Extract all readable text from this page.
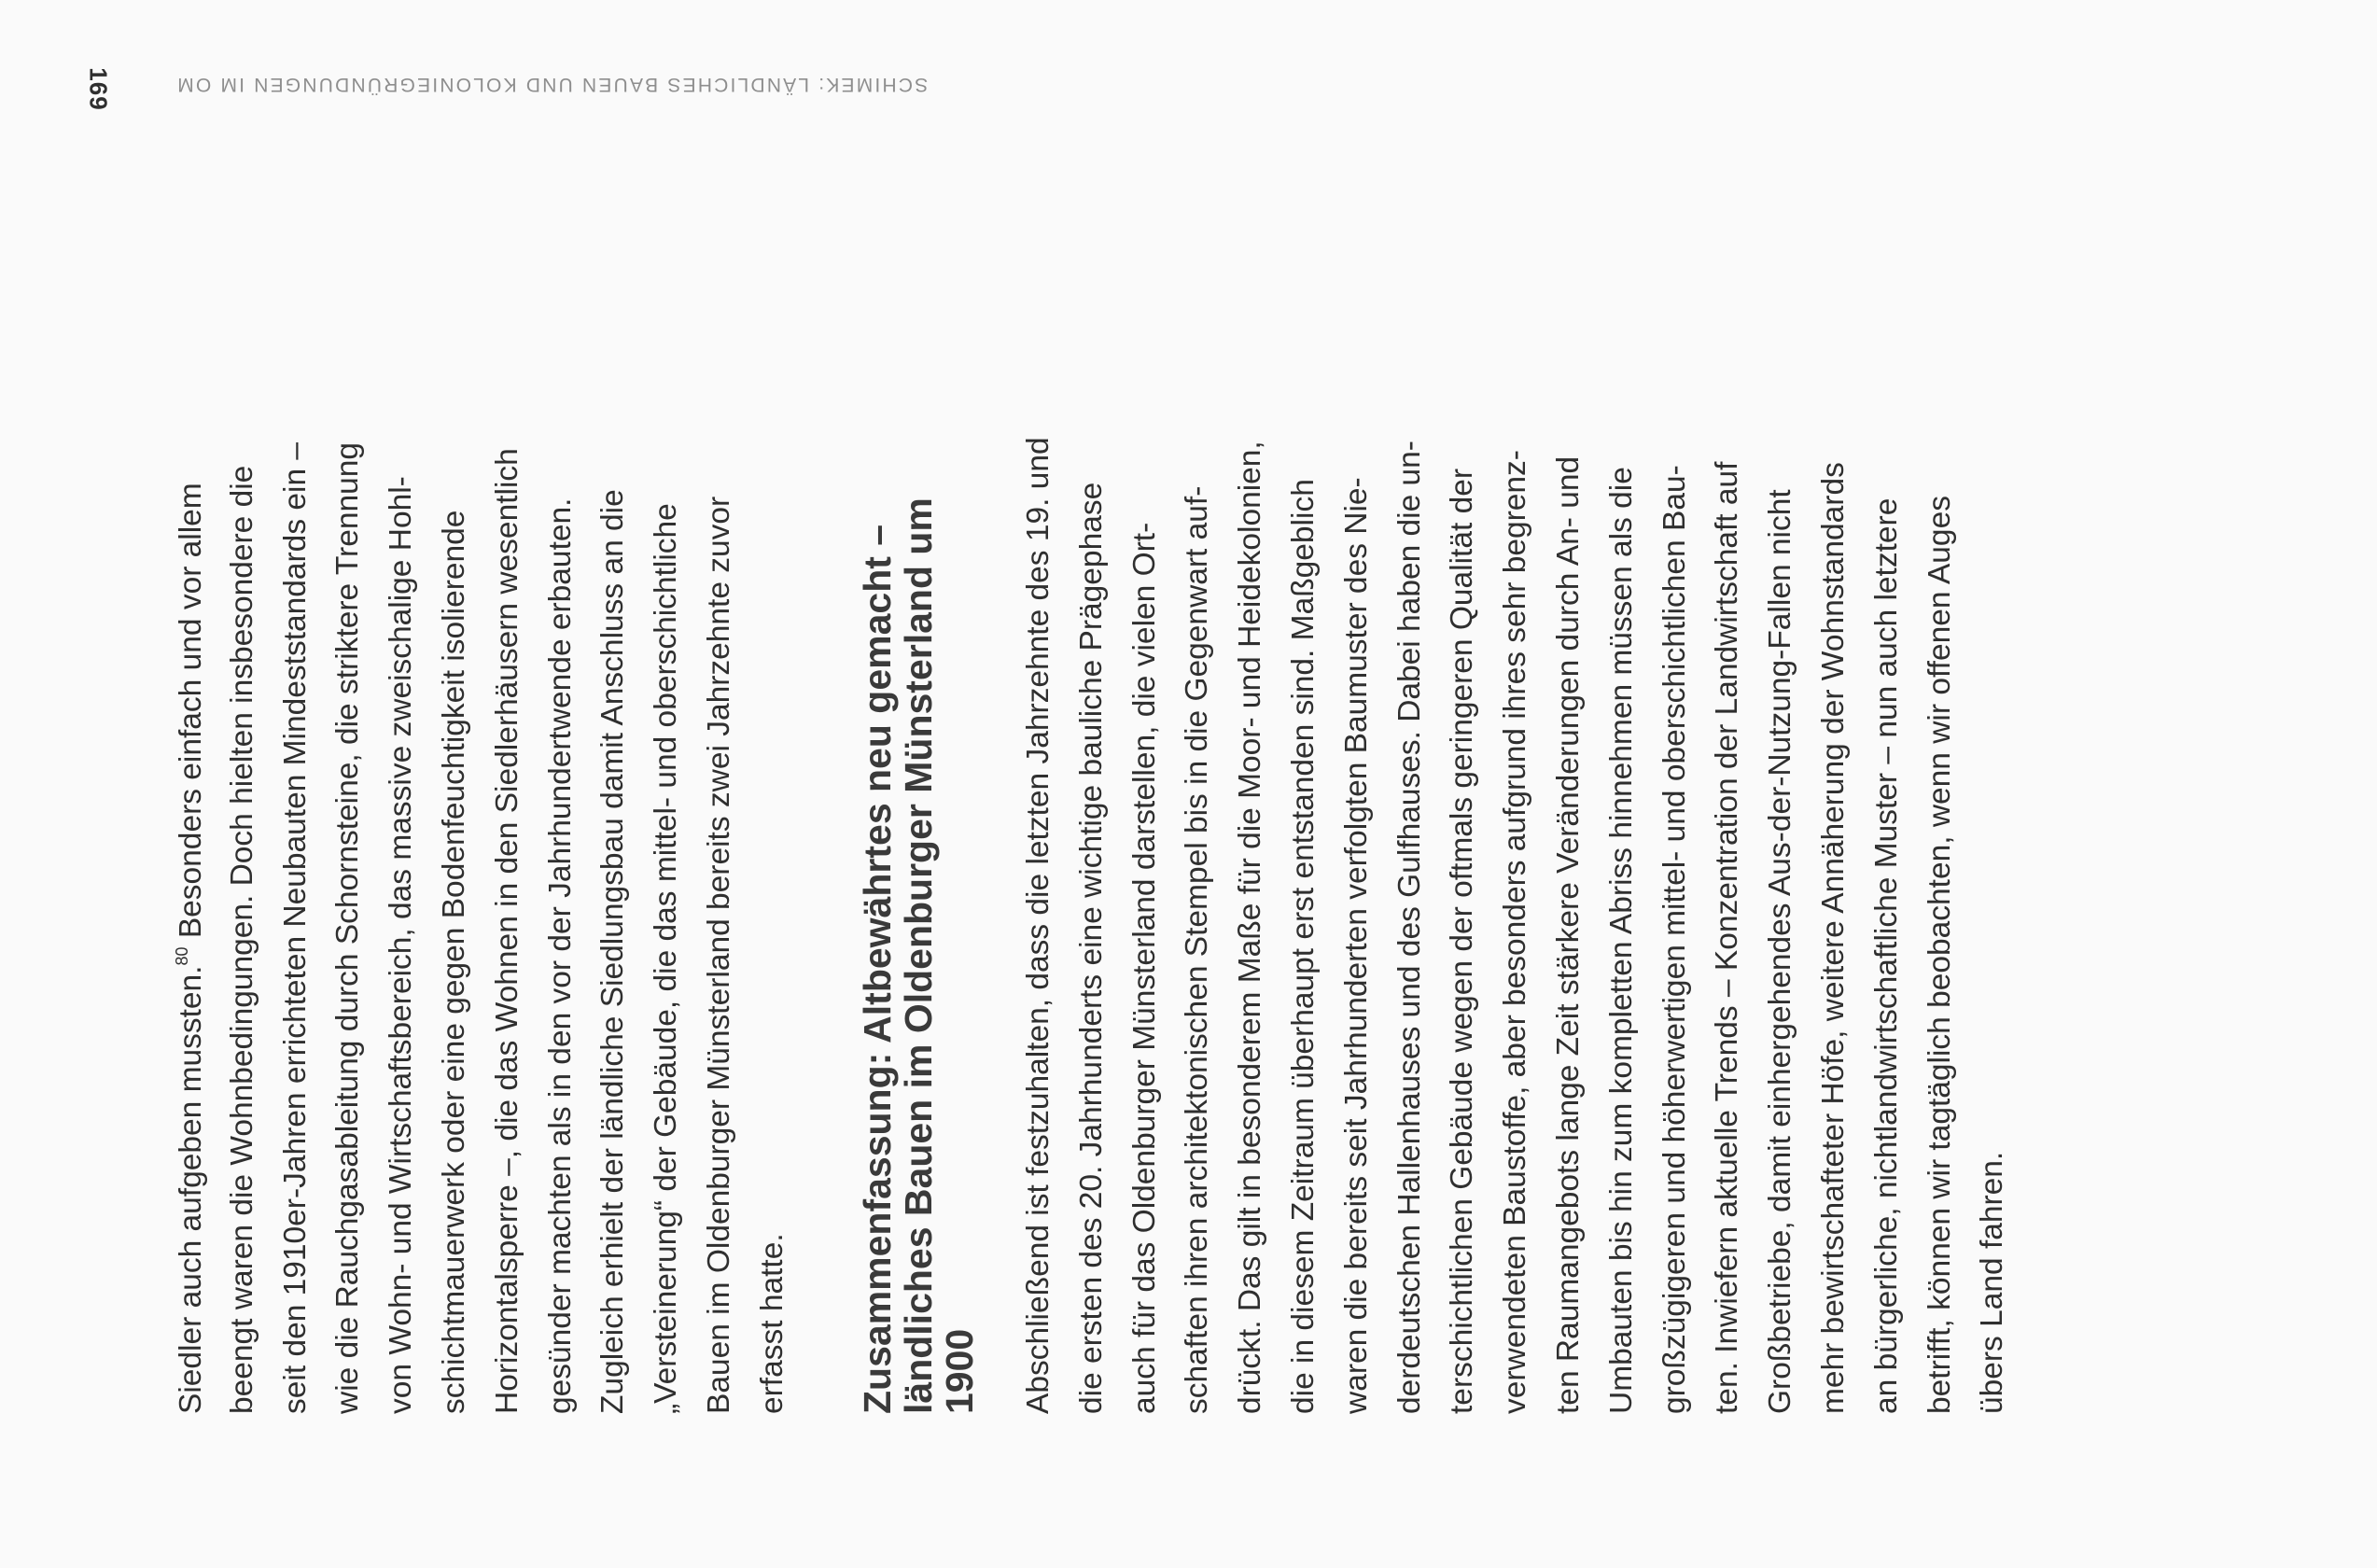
SCHIMEK: LÄNDLICHES BAUEN UND KOLONIEGRÜNDUNGEN IM OM
169
Siedler auch aufgeben mussten.$^{80}$ Besonders einfach und vor allem beengt waren die Wohnbedingungen. Doch hielten insbesondere die seit den 1910er-Jahren errichteten Neubauten Mindeststandards ein – wie die Rauchgasableitung durch Schornsteine, die striktere Trennung von Wohn- und Wirtschaftsbereich, das massive zweischalige Hohl- schichtmauerwerk oder eine gegen Bodenfeuchtigkeit isolierende Horizontalsperre –, die das Wohnen in den Siedlerhäusern wesentlich gesünder machten als in den vor der Jahrhundertwende erbauten. Zugleich erhielt der ländliche Siedlungsbau damit Anschluss an die „Versteinerung“ der Gebäude, die das mittel- und oberschichtliche Bauen im Oldenburger Münsterland bereits zwei Jahrzehnte zuvor erfasst hatte. Zusammenfassung: Altbewährtes neu gemacht –
ländliches Bauen im Oldenburger Münsterland um
1900 Abschließend ist festzuhalten, dass die letzten Jahrzehnte des 19. und die ersten des 20. Jahrhunderts eine wichtige bauliche Prägephase auch für das Oldenburger Münsterland darstellen, die vielen Ort- schaften ihren architektonischen Stempel bis in die Gegenwart auf- drückt. Das gilt in besonderem Maße für die Moor- und Heidekolonien, die in diesem Zeitraum überhaupt erst entstanden sind. Maßgeblich waren die bereits seit Jahrhunderten verfolgten Baumuster des Nie- derdeutschen Hallenhauses und des Gulfhauses. Dabei haben die un- terschichtlichen Gebäude wegen der oftmals geringeren Qualität der verwendeten Baustoffe, aber besonders aufgrund ihres sehr begrenz- ten Raumangebots lange Zeit stärkere Veränderungen durch An- und Umbauten bis hin zum kompletten Abriss hinnehmen müssen als die großzügigeren und höherwertigen mittel- und oberschichtlichen Bau- ten. Inwiefern aktuelle Trends – Konzentration der Landwirtschaft auf Großbetriebe, damit einhergehendes Aus-der-Nutzung-Fallen nicht mehr bewirtschafteter Höfe, weitere Annäherung der Wohnstandards an bürgerliche, nichtlandwirtschaftliche Muster – nun auch letztere betrifft, können wir tagtäglich beobachten, wenn wir offenen Auges übers Land fahren.
